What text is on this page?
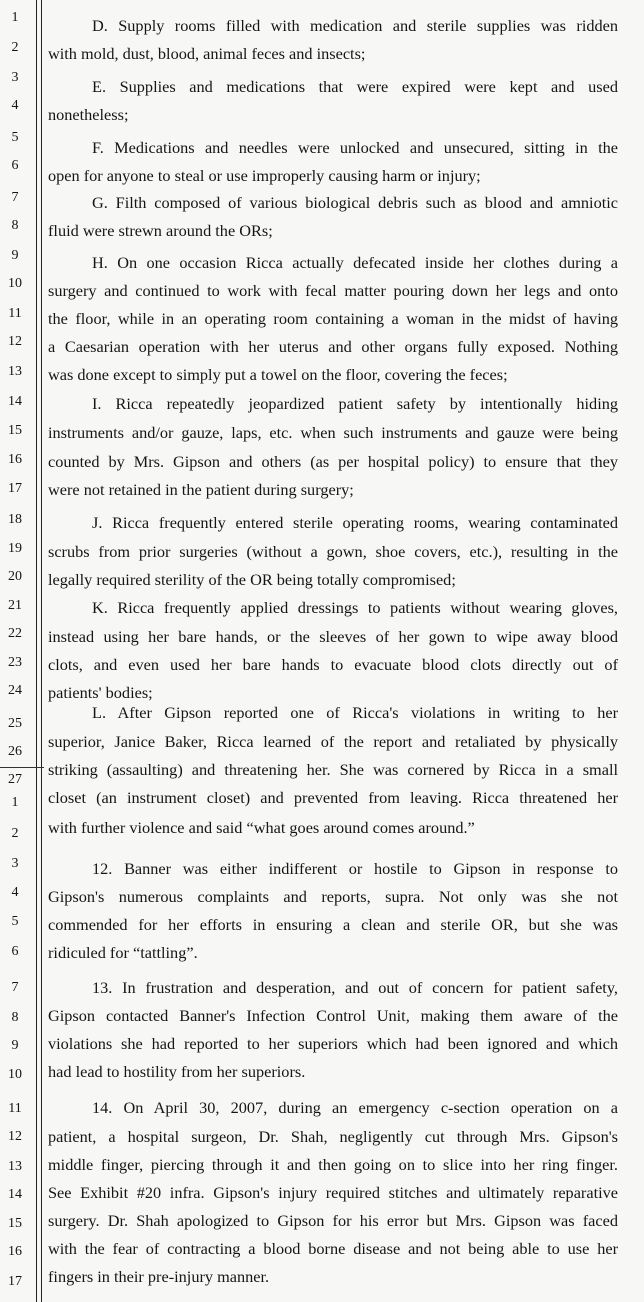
D. Supply rooms filled with medication and sterile supplies was ridden
with mold, dust, blood, animal feces and insects;
E. Supplies and medications that were expired were kept and used
nonetheless;
F. Medications and needles were unlocked and unsecured, sitting in the
open for anyone to steal or use improperly causing harm or injury;
G. Filth composed of various biological debris such as blood and amniotic
fluid were strewn around the ORs;
H. On one occasion Ricca actually defecated inside her clothes during a
surgery and continued to work with fecal matter pouring down her legs and onto
the floor, while in an operating room containing a woman in the midst of having
a Caesarian operation with her uterus and other organs fully exposed. Nothing
was done except to simply put a towel on the floor, covering the feces;
I. Ricca repeatedly jeopardized patient safety by intentionally hiding
instruments and/or gauze, laps, etc. when such instruments and gauze were being
counted by Mrs. Gipson and others (as per hospital policy) to ensure that they
were not retained in the patient during surgery;
J. Ricca frequently entered sterile operating rooms, wearing contaminated
scrubs from prior surgeries (without a gown, shoe covers, etc.), resulting in the
legally required sterility of the OR being totally compromised;
K. Ricca frequently applied dressings to patients without wearing gloves,
instead using her bare hands, or the sleeves of her gown to wipe away blood
clots, and even used her bare hands to evacuate blood clots directly out of
patients' bodies;
L. After Gipson reported one of Ricca's violations in writing to her
superior, Janice Baker, Ricca learned of the report and retaliated by physically
striking (assaulting) and threatening her. She was cornered by Ricca in a small
closet (an instrument closet) and prevented from leaving. Ricca threatened her
with further violence and said “what goes around comes around.”
12. Banner was either indifferent or hostile to Gipson in response to
Gipson's numerous complaints and reports, supra. Not only was she not
commended for her efforts in ensuring a clean and sterile OR, but she was
ridiculed for “tattling”.
13. In frustration and desperation, and out of concern for patient safety,
Gipson contacted Banner's Infection Control Unit, making them aware of the
violations she had reported to her superiors which had been ignored and which
had lead to hostility from her superiors.
14. On April 30, 2007, during an emergency c-section operation on a
patient, a hospital surgeon, Dr. Shah, negligently cut through Mrs. Gipson's
middle finger, piercing through it and then going on to slice into her ring finger.
See Exhibit #20 infra. Gipson's injury required stitches and ultimately reparative
surgery. Dr. Shah apologized to Gipson for his error but Mrs. Gipson was faced
with the fear of contracting a blood borne disease and not being able to use her
fingers in their pre-injury manner.
1
2
3
4
5
6
7
8
9
10
11
12
13
14
15
16
17
18
19
20
21
22
23
24
25
26
27
1
2
3
4
5
6
7
8
9
10
11
12
13
14
15
16
17
